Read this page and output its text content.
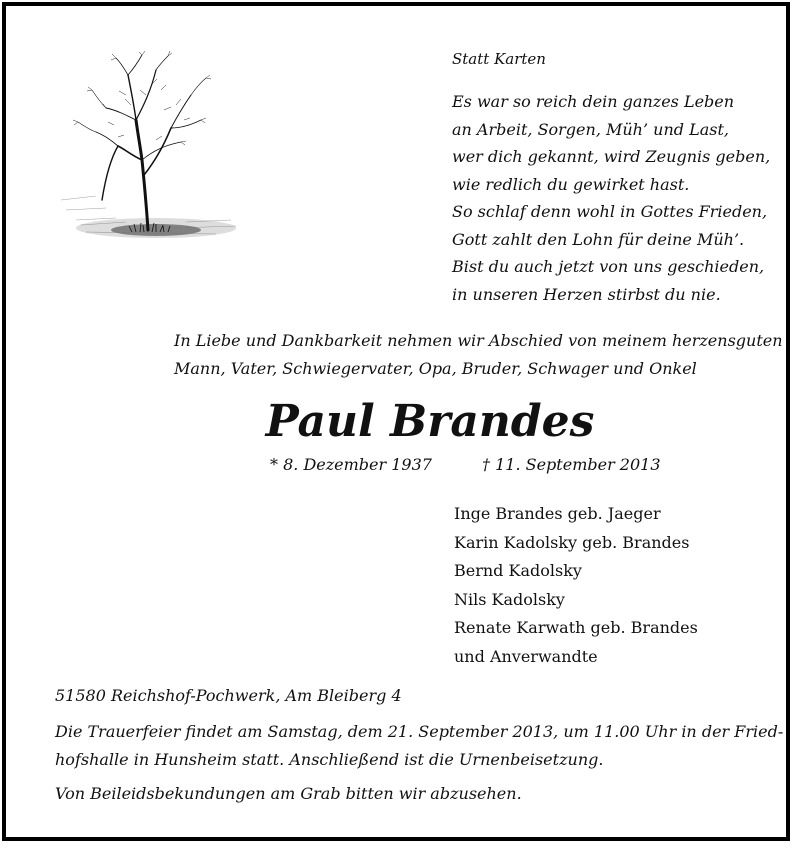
Statt Karten
Es war so reich dein ganzes Leben
an Arbeit, Sorgen, Müh’ und Last,
wer dich gekannt, wird Zeugnis geben,
wie redlich du gewirket hast.
So schlaf denn wohl in Gottes Frieden,
Gott zahlt den Lohn für deine Müh’.
Bist du auch jetzt von uns geschieden,
in unseren Herzen stirbst du nie.
In Liebe und Dankbarkeit nehmen wir Abschied von meinem herzensguten
Mann, Vater, Schwiegervater, Opa, Bruder, Schwager und Onkel
Paul Brandes
* 8. Dezember 1937	† 11. September 2013
Inge Brandes geb. Jaeger
Karin Kadolsky geb. Brandes
Bernd Kadolsky
Nils Kadolsky
Renate Karwath geb. Brandes
und Anverwandte
51580 Reichshof-Pochwerk, Am Bleiberg 4
Die Trauerfeier findet am Samstag, dem 21. September 2013, um 11.00 Uhr in der Fried-
hofshalle in Hunsheim statt. Anschließend ist die Urnenbeisetzung.
Von Beileidsbekundungen am Grab bitten wir abzusehen.
